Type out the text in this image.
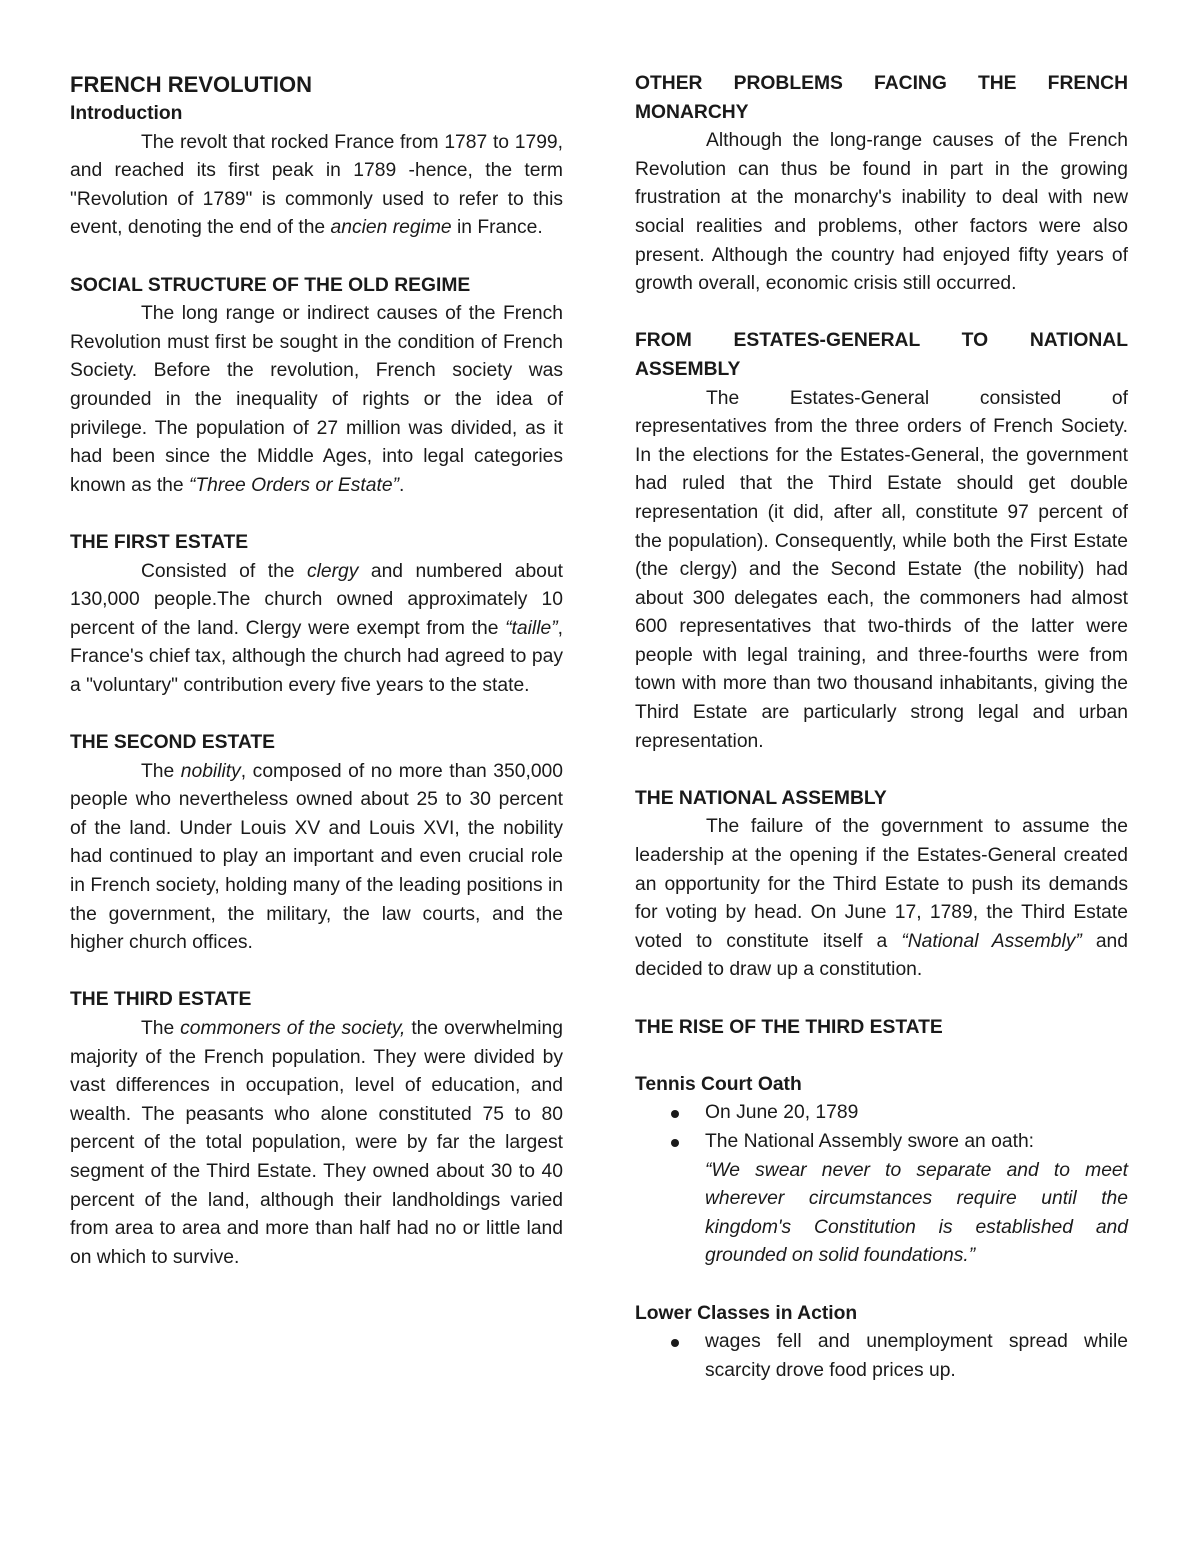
FRENCH REVOLUTION
Introduction

The revolt that rocked France from 1787 to 1799, and reached its first peak in 1789 -hence, the term "Revolution of 1789" is commonly used to refer to this event, denoting the end of the ancien regime in France.

SOCIAL STRUCTURE OF THE OLD REGIME

The long range or indirect causes of the French Revolution must first be sought in the condition of French Society. Before the revolution, French society was grounded in the inequality of rights or the idea of privilege. The population of 27 million was divided, as it had been since the Middle Ages, into legal categories known as the “Three Orders or Estate”.

THE FIRST ESTATE

Consisted of the clergy and numbered about 130,000 people.The church owned approximately 10 percent of the land. Clergy were exempt from the “taille”, France's chief tax, although the church had agreed to pay a "voluntary" contribution every five years to the state.

THE SECOND ESTATE

The nobility, composed of no more than 350,000 people who nevertheless owned about 25 to 30 percent of the land. Under Louis XV and Louis XVI, the nobility had continued to play an important and even crucial role in French society, holding many of the leading positions in the government, the military, the law courts, and the higher church offices.

THE THIRD ESTATE

The commoners of the society, the overwhelming majority of the French population. They were divided by vast differences in occupation, level of education, and wealth. The peasants who alone constituted 75 to 80 percent of the total population, were by far the largest segment of the Third Estate. They owned about 30 to 40 percent of the land, although their landholdings varied from area to area and more than half had no or little land on which to survive.

OTHER PROBLEMS FACING THE FRENCH
MONARCHY

Although the long-range causes of the French Revolution can thus be found in part in the growing frustration at the monarchy's inability to deal with new social realities and problems, other factors were also present. Although the country had enjoyed fifty years of growth overall, economic crisis still occurred.

FROM ESTATES-GENERAL TO NATIONAL
ASSEMBLY

The Estates-General consisted of representatives from the three orders of French Society. In the elections for the Estates-General, the government had ruled that the Third Estate should get double representation (it did, after all, constitute 97 percent of the population). Consequently, while both the First Estate (the clergy) and the Second Estate (the nobility) had about 300 delegates each, the commoners had almost 600 representatives that two-thirds of the latter were people with legal training, and three-fourths were from town with more than two thousand inhabitants, giving the Third Estate are particularly strong legal and urban representation.

THE NATIONAL ASSEMBLY

The failure of the government to assume the leadership at the opening if the Estates-General created an opportunity for the Third Estate to push its demands for voting by head. On June 17, 1789, the Third Estate voted to constitute itself a “National Assembly” and decided to draw up a constitution.

THE RISE OF THE THIRD ESTATE
Tennis Court Oath
On June 20, 1789
The National Assembly swore an oath:
“We swear never to separate and to meet wherever circumstances require until the kingdom's Constitution is established and grounded on solid foundations.”
Lower Classes in Action
wages fell and unemployment spread while scarcity drove food prices up.
